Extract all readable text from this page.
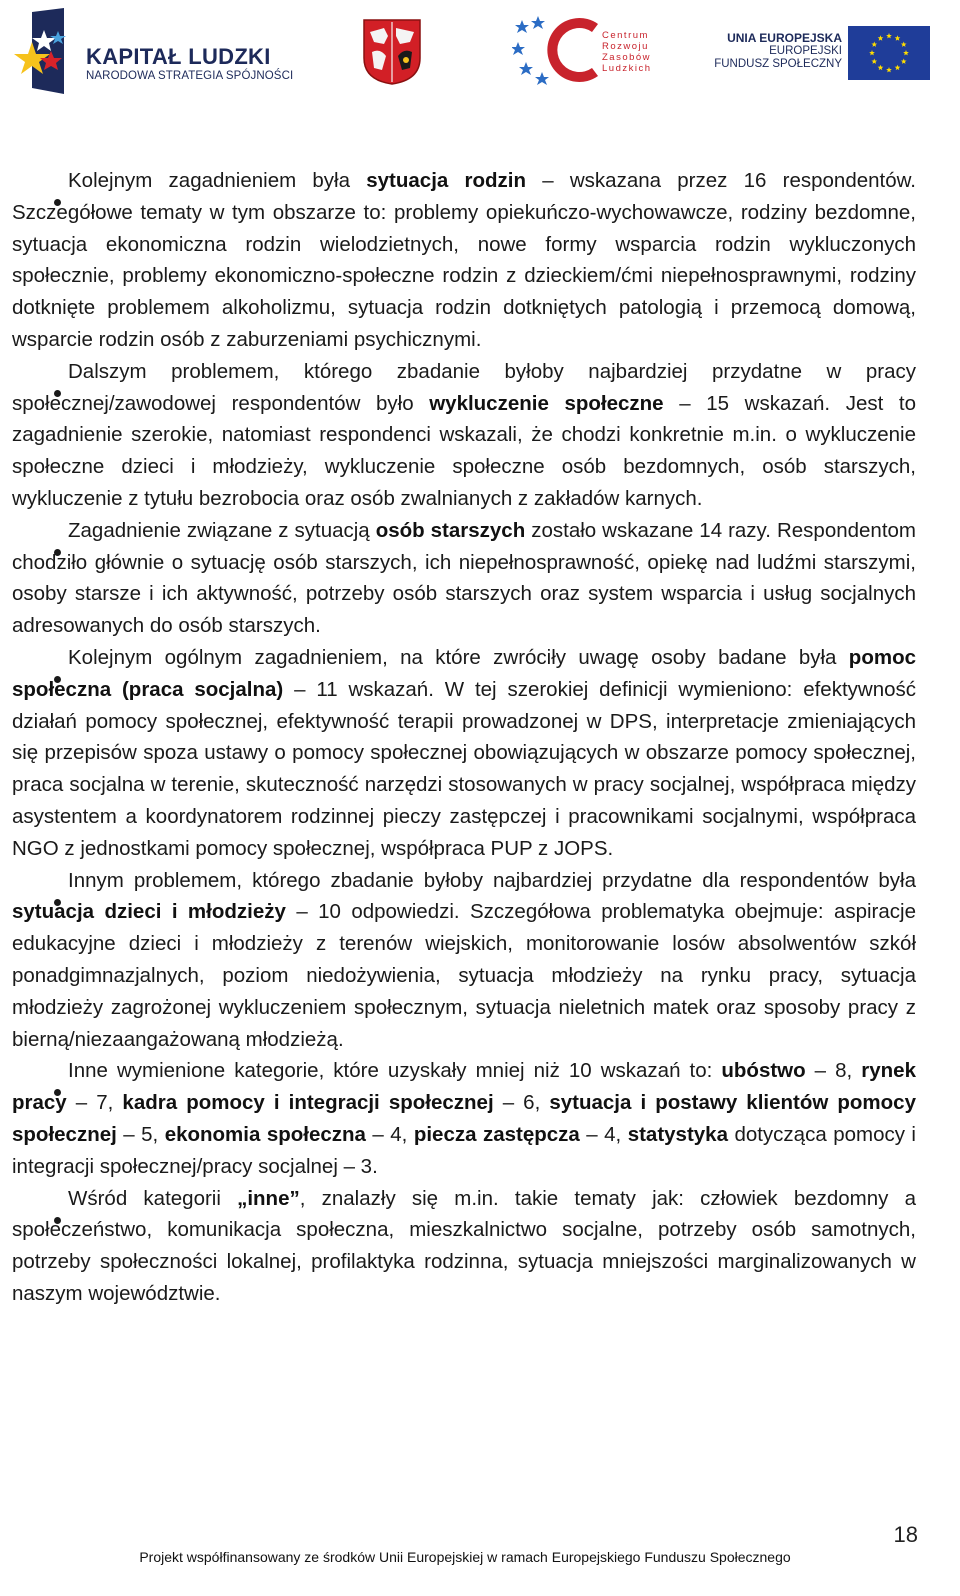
KAPITAŁ LUDZKI
NARODOWA STRATEGIA SPÓJNOŚCI
Centrum
Rozwoju
Zasobów
Ludzkich
UNIA EUROPEJSKA
EUROPEJSKI
FUNDUSZ SPOŁECZNY

Kolejnym zagadnieniem była sytuacja rodzin – wskazana przez 16 respondentów. Szczegółowe tematy w tym obszarze to: problemy opiekuńczo-wychowawcze, rodziny bezdomne, sytuacja ekonomiczna rodzin wielodzietnych, nowe formy wsparcia rodzin wykluczonych społecznie, problemy ekonomiczno-społeczne rodzin z dzieckiem/ćmi niepełnosprawnymi, rodziny dotknięte problemem alkoholizmu, sytuacja rodzin dotkniętych patologią i przemocą domową, wsparcie rodzin osób z zaburzeniami psychicznymi.

Dalszym problemem, którego zbadanie byłoby najbardziej przydatne w pracy społecznej/zawodowej respondentów było wykluczenie społeczne – 15 wskazań. Jest to zagadnienie szerokie, natomiast respondenci wskazali, że chodzi konkretnie m.in. o wykluczenie społeczne dzieci i młodzieży, wykluczenie społeczne osób bezdomnych, osób starszych, wykluczenie z tytułu bezrobocia oraz osób zwalnianych z zakładów karnych.

Zagadnienie związane z sytuacją osób starszych zostało wskazane 14 razy. Respondentom chodziło głównie o sytuację osób starszych, ich niepełnosprawność, opiekę nad ludźmi starszymi, osoby starsze i ich aktywność, potrzeby osób starszych oraz system wsparcia i usług socjalnych adresowanych do osób starszych.

Kolejnym ogólnym zagadnieniem, na które zwróciły uwagę osoby badane była pomoc społeczna (praca socjalna) – 11 wskazań. W tej szerokiej definicji wymieniono: efektywność działań pomocy społecznej, efektywność terapii prowadzonej w DPS, interpretacje zmieniających się przepisów spoza ustawy o pomocy społecznej obowiązujących w obszarze pomocy społecznej, praca socjalna w terenie, skuteczność narzędzi stosowanych w pracy socjalnej, współpraca między asystentem a koordynatorem rodzinnej pieczy zastępczej i pracownikami socjalnymi, współpraca NGO z jednostkami pomocy społecznej, współpraca PUP z JOPS.

Innym problemem, którego zbadanie byłoby najbardziej przydatne dla respondentów była sytuacja dzieci i młodzieży – 10 odpowiedzi. Szczegółowa problematyka obejmuje: aspiracje edukacyjne dzieci i młodzieży z terenów wiejskich, monitorowanie losów absolwentów szkół ponadgimnazjalnych, poziom niedożywienia, sytuacja młodzieży na rynku pracy, sytuacja młodzieży zagrożonej wykluczeniem społecznym, sytuacja nieletnich matek oraz sposoby pracy z bierną/niezaangażowaną młodzieżą.

Inne wymienione kategorie, które uzyskały mniej niż 10 wskazań to: ubóstwo – 8, rynek pracy – 7, kadra pomocy i integracji społecznej – 6, sytuacja i postawy klientów pomocy społecznej – 5, ekonomia społeczna – 4, piecza zastępcza – 4, statystyka dotycząca pomocy i integracji społecznej/pracy socjalnej – 3.

Wśród kategorii „inne”, znalazły się m.in. takie tematy jak: człowiek bezdomny a społeczeństwo, komunikacja społeczna, mieszkalnictwo socjalne, potrzeby osób samotnych, potrzeby społeczności lokalnej, profilaktyka rodzinna, sytuacja mniejszości marginalizowanych w naszym województwie.

18
Projekt współfinansowany ze środków Unii Europejskiej w ramach Europejskiego Funduszu Społecznego
